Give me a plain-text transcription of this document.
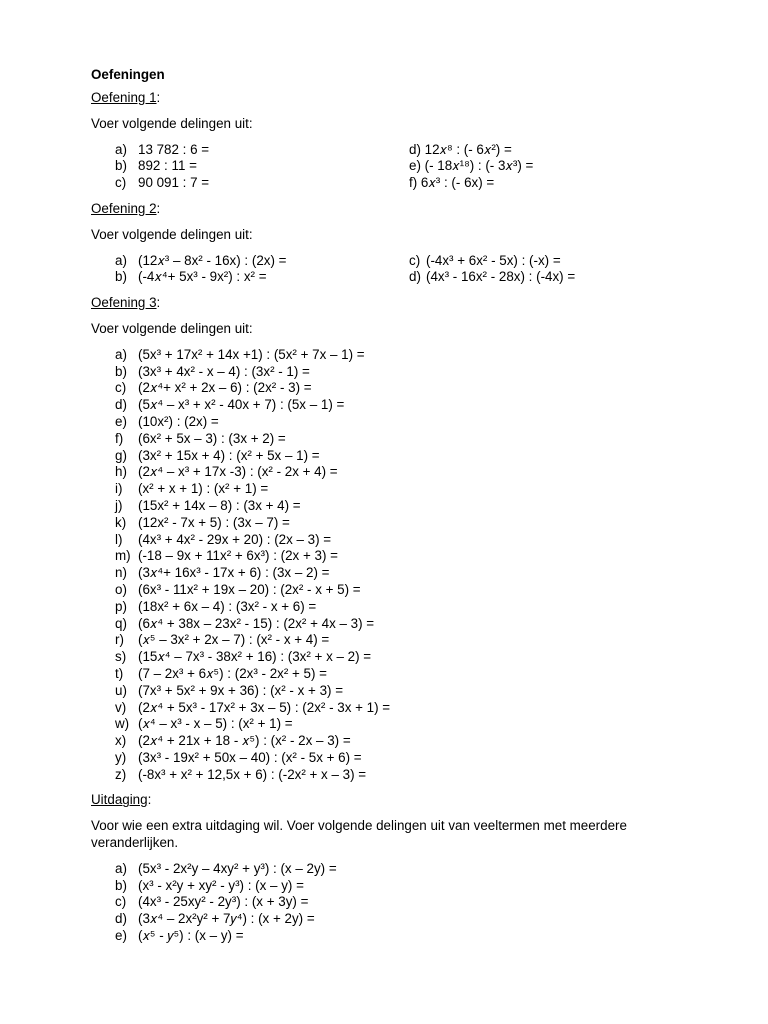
Oefeningen

Oefening 1:

Voer volgende delingen uit:

a) 13 782 : 6 =	d) 12𝑥⁸ : (- 6𝑥²) =
b) 892 : 11 =	e) (- 18𝑥¹⁸) : (- 3𝑥³) =
c) 90 091 : 7 =	f) 6𝑥³ : (- 6x) =

Oefening 2:

Voer volgende delingen uit:

a) (12𝑥³ – 8x² - 16x) : (2x) =	c) (-4x³ + 6x² - 5x) : (-x) =
b) (-4𝑥⁴+ 5x³ - 9x²) : x² =	d) (4x³ - 16x² - 28x) : (-4x) =

Oefening 3:

Voer volgende delingen uit:

a) (5x³ + 17x² + 14x +1) : (5x² + 7x – 1) =
b) (3x³ + 4x² - x – 4) : (3x² - 1) =
c) (2𝑥⁴+ x² + 2x – 6) : (2x² - 3) =
d) (5𝑥⁴ – x³ + x² - 40x + 7) : (5x – 1) =
e) (10x²) : (2x) =
f) (6x² + 5x – 3) : (3x + 2) =
g) (3x² + 15x + 4) : (x² + 5x – 1) =
h) (2𝑥⁴ – x³ + 17x -3) : (x² - 2x + 4) =
i) (x² + x + 1) : (x² + 1) =
j) (15x² + 14x – 8) : (3x + 4) =
k) (12x² - 7x + 5) : (3x – 7) =
l) (4x³ + 4x² - 29x + 20) : (2x – 3) =
m) (-18 – 9x + 11x² + 6x³) : (2x + 3) =
n) (3𝑥⁴+ 16x³ - 17x + 6) : (3x – 2) =
o) (6x³ - 11x² + 19x – 20) : (2x² - x + 5) =
p) (18x² + 6x – 4) : (3x² - x + 6) =
q) (6𝑥⁴ + 38x – 23x² - 15) : (2x² + 4x – 3) =
r) (𝑥⁵ – 3x² + 2x – 7) : (x² - x + 4) =
s) (15𝑥⁴ – 7x³ - 38x² + 16) : (3x² + x – 2) =
t) (7 – 2x³ + 6𝑥⁵) : (2x³ - 2x² + 5) =
u) (7x³ + 5x² + 9x + 36) : (x² - x + 3) =
v) (2𝑥⁴ + 5x³ - 17x² + 3x – 5) : (2x² - 3x + 1) =
w) (𝑥⁴ – x³ - x – 5) : (x² + 1) =
x) (2𝑥⁴ + 21x + 18 - 𝑥⁵) : (x² - 2x – 3) =
y) (3x³ - 19x² + 50x – 40) : (x² - 5x + 6) =
z) (-8x³ + x² + 12,5x + 6) : (-2x² + x – 3) =

Uitdaging:

Voor wie een extra uitdaging wil. Voer volgende delingen uit van veeltermen met meerdere veranderlijken.

a) (5x³ - 2x²y – 4xy² + y³) : (x – 2y) =
b) (x³ - x²y + xy² - y³) : (x – y) =
c) (4x³ - 25xy² - 2y³) : (x + 3y) =
d) (3𝑥⁴ – 2x²y² + 7𝑦⁴) : (x + 2y) =
e) (𝑥⁵ - 𝑦⁵) : (x – y) =
